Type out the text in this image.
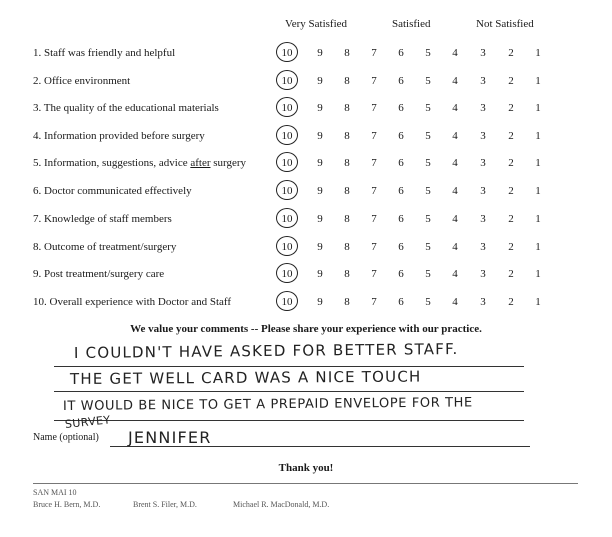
Very Satisfied	Satisfied	Not Satisfied
1. Staff was friendly and helpful	10	9	8	7	6	5	4	3	2	1
2. Office environment	10	9	8	7	6	5	4	3	2	1
3. The quality of the educational materials	10	9	8	7	6	5	4	3	2	1
4. Information provided before surgery	10	9	8	7	6	5	4	3	2	1
5. Information, suggestions, advice after surgery	10	9	8	7	6	5	4	3	2	1
6. Doctor communicated effectively	10	9	8	7	6	5	4	3	2	1
7. Knowledge of staff members	10	9	8	7	6	5	4	3	2	1
8. Outcome of treatment/surgery	10	9	8	7	6	5	4	3	2	1
9. Post treatment/surgery care	10	9	8	7	6	5	4	3	2	1
10. Overall experience with Doctor and Staff	10	9	8	7	6	5	4	3	2	1
We value your comments -- Please share your experience with our practice.
I COULDN'T HAVE ASKED FOR BETTER STAFF.
THE GET WELL CARD WAS A NICE TOUCH
IT WOULD BE NICE TO GET A PREPAID ENVELOPE FOR THE
SURVEY
Name (optional) JENNIFER
Thank you!
SAN MAI 10
Bruce H. Bern, M.D.	Brent S. Filer, M.D.	Michael R. MacDonald, M.D.
